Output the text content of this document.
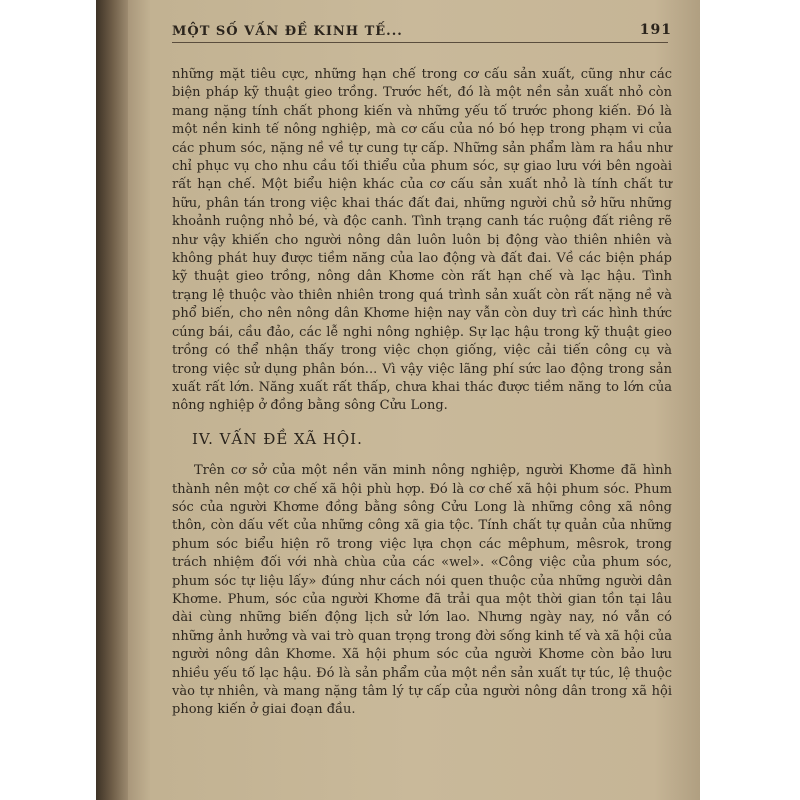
MỘT SỐ VẤN ĐỀ KINH TẾ...	191

những mặt tiêu cực, những hạn chế trong cơ cấu sản xuất, cũng như các biện pháp kỹ thuật gieo trồng. Trước hết, đó là một nền sản xuất nhỏ còn mang nặng tính chất phong kiến và những yếu tố trước phong kiến. Đó là một nền kinh tế nông nghiệp, mà cơ cấu của nó bó hẹp trong phạm vi của các phum sóc, nặng nề về tự cung tự cấp. Những sản phẩm làm ra hầu như chỉ phục vụ cho nhu cầu tối thiểu của phum sóc, sự giao lưu với bên ngoài rất hạn chế. Một biểu hiện khác của cơ cấu sản xuất nhỏ là tính chất tư hữu, phân tán trong việc khai thác đất đai, những người chủ sở hữu những khoảnh ruộng nhỏ bé, và độc canh. Tình trạng canh tác ruộng đất riêng rẽ như vậy khiến cho người nông dân luôn luôn bị động vào thiên nhiên và không phát huy được tiềm năng của lao động và đất đai. Về các biện pháp kỹ thuật gieo trồng, nông dân Khơme còn rất hạn chế và lạc hậu. Tình trạng lệ thuộc vào thiên nhiên trong quá trình sản xuất còn rất nặng nề và phổ biến, cho nên nông dân Khơme hiện nay vẫn còn duy trì các hình thức cúng bái, cầu đảo, các lễ nghi nông nghiệp. Sự lạc hậu trong kỹ thuật gieo trồng có thể nhận thấy trong việc chọn giống, việc cải tiến công cụ và trong việc sử dụng phân bón... Vì vậy việc lãng phí sức lao động trong sản xuất rất lớn. Năng xuất rất thấp, chưa khai thác được tiềm năng to lớn của nông nghiệp ở đồng bằng sông Cửu Long.

IV. VẤN ĐỀ XÃ HỘI.

Trên cơ sở của một nền văn minh nông nghiệp, người Khơme đã hình thành nên một cơ chế xã hội phù hợp. Đó là cơ chế xã hội phum sóc. Phum sóc của người Khơme đồng bằng sông Cửu Long là những công xã nông thôn, còn dấu vết của những công xã gia tộc. Tính chất tự quản của những phum sóc biểu hiện rõ trong việc lựa chọn các mêphum, mêsrok, trong trách nhiệm đối với nhà chùa của các «wel». «Công việc của phum sóc, phum sóc tự liệu lấy» đúng như cách nói quen thuộc của những người dân Khơme. Phum, sóc của người Khơme đã trải qua một thời gian tồn tại lâu dài cùng những biến động lịch sử lớn lao. Nhưng ngày nay, nó vẫn có những ảnh hưởng và vai trò quan trọng trong đời sống kinh tế và xã hội của người nông dân Khơme. Xã hội phum sóc của người Khơme còn bảo lưu nhiều yếu tố lạc hậu. Đó là sản phẩm của một nền sản xuất tự túc, lệ thuộc vào tự nhiên, và mang nặng tâm lý tự cấp của người nông dân trong xã hội phong kiến ở giai đoạn đầu.
